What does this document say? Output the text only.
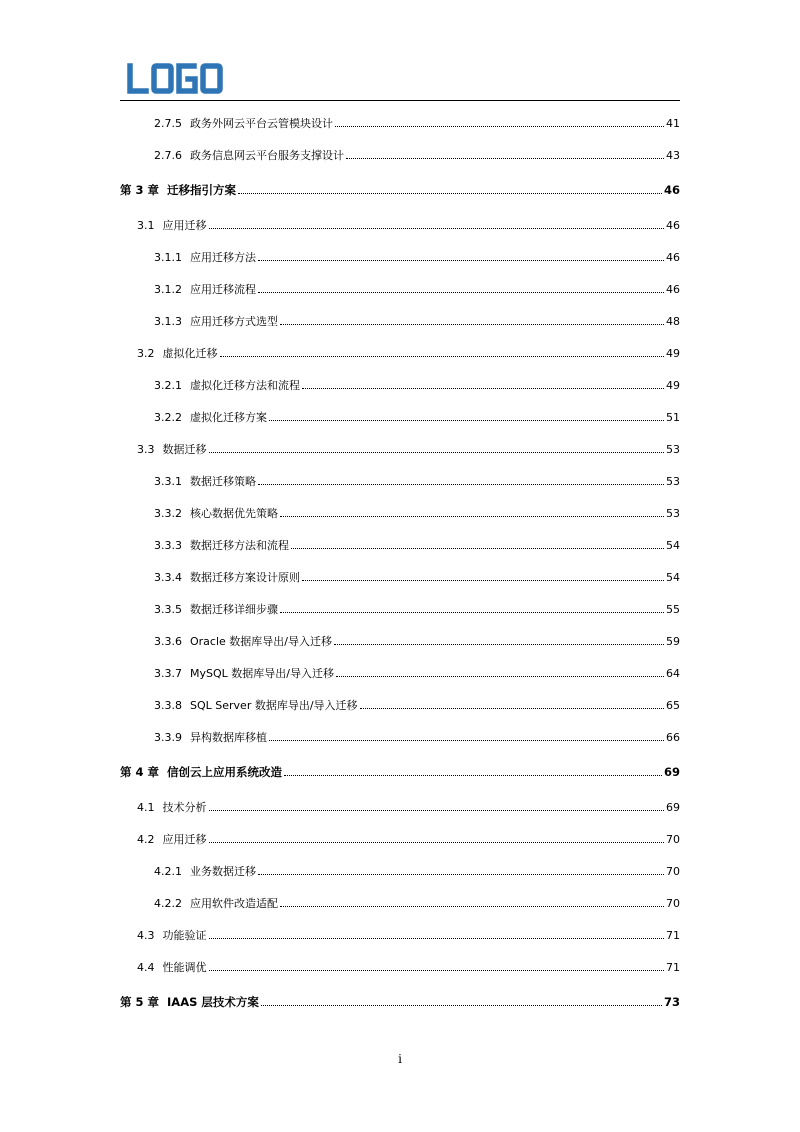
2.7.5 政务外网云平台云管模块设计	41
2.7.6 政务信息网云平台服务支撑设计	43
第 3 章 迁移指引方案	46
3.1 应用迁移	46
3.1.1 应用迁移方法	46
3.1.2 应用迁移流程	46
3.1.3 应用迁移方式选型	48
3.2 虚拟化迁移	49
3.2.1 虚拟化迁移方法和流程	49
3.2.2 虚拟化迁移方案	51
3.3 数据迁移	53
3.3.1 数据迁移策略	53
3.3.2 核心数据优先策略	53
3.3.3 数据迁移方法和流程	54
3.3.4 数据迁移方案设计原则	54
3.3.5 数据迁移详细步骤	55
3.3.6 Oracle 数据库导出/导入迁移	59
3.3.7 MySQL 数据库导出/导入迁移	64
3.3.8 SQL Server 数据库导出/导入迁移	65
3.3.9 异构数据库移植	66
第 4 章 信创云上应用系统改造	69
4.1 技术分析	69
4.2 应用迁移	70
4.2.1 业务数据迁移	70
4.2.2 应用软件改造适配	70
4.3 功能验证	71
4.4 性能调优	71
第 5 章 IAAS 层技术方案	73
i
